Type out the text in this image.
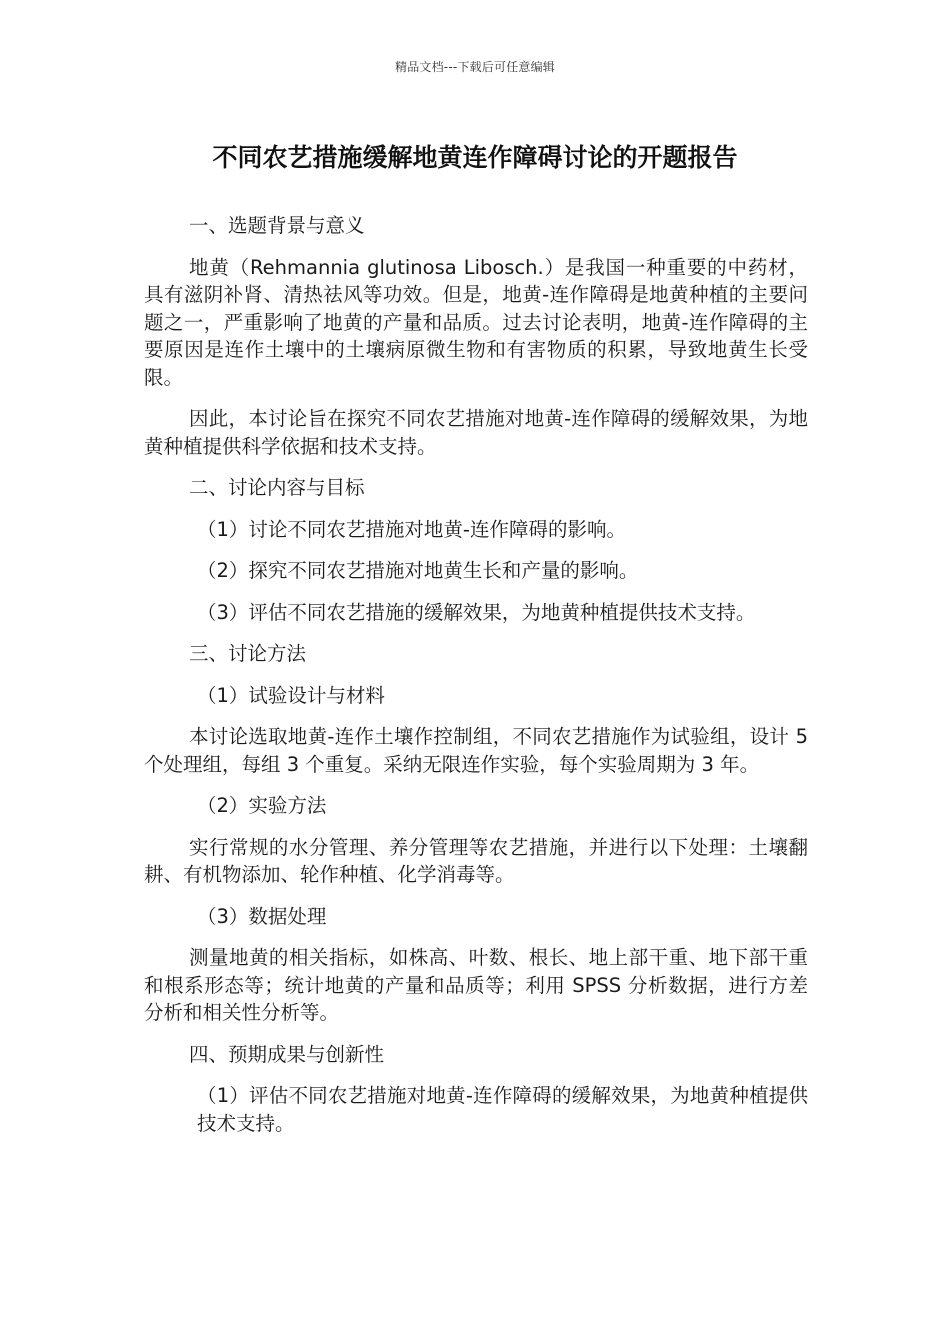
精品文档---下载后可任意编辑
不同农艺措施缓解地黄连作障碍讨论的开题报告

一、选题背景与意义

地黄（Rehmannia glutinosa Libosch.）是我国一种重要的中药材，具有滋阴补肾、清热祛风等功效。但是，地黄-连作障碍是地黄种植的主要问题之一，严重影响了地黄的产量和品质。过去讨论表明，地黄-连作障碍的主要原因是连作土壤中的土壤病原微生物和有害物质的积累，导致地黄生长受限。

因此，本讨论旨在探究不同农艺措施对地黄-连作障碍的缓解效果，为地黄种植提供科学依据和技术支持。

二、讨论内容与目标

（1）讨论不同农艺措施对地黄-连作障碍的影响。

（2）探究不同农艺措施对地黄生长和产量的影响。

（3）评估不同农艺措施的缓解效果，为地黄种植提供技术支持。

三、讨论方法

（1）试验设计与材料

本讨论选取地黄-连作土壤作控制组，不同农艺措施作为试验组，设计 5 个处理组，每组 3 个重复。采纳无限连作实验，每个实验周期为 3 年。

（2）实验方法

实行常规的水分管理、养分管理等农艺措施，并进行以下处理：土壤翻耕、有机物添加、轮作种植、化学消毒等。

（3）数据处理

测量地黄的相关指标，如株高、叶数、根长、地上部干重、地下部干重和根系形态等；统计地黄的产量和品质等；利用 SPSS 分析数据，进行方差分析和相关性分析等。

四、预期成果与创新性

（1）评估不同农艺措施对地黄-连作障碍的缓解效果，为地黄种植提供技术支持。
